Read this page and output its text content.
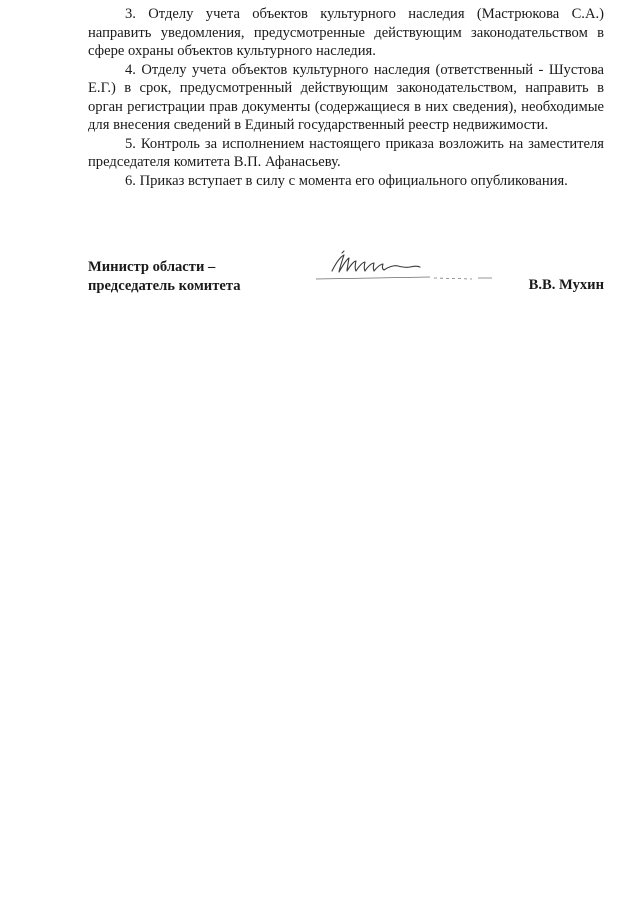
3. Отделу учета объектов культурного наследия (Мастрюкова С.А.) направить уведомления, предусмотренные действующим законодательством в сфере охраны объектов культурного наследия.

4. Отделу учета объектов культурного наследия (ответственный - Шустова Е.Г.) в срок, предусмотренный действующим законодательством, направить в орган регистрации прав документы (содержащиеся в них сведения), необходимые для внесения сведений в Единый государственный реестр недвижимости.

5. Контроль за исполнением настоящего приказа возложить на заместителя председателя комитета В.П. Афанасьеву.

6. Приказ вступает в силу с момента его официального опубликования.

Министр области –
председатель комитета	В.В. Мухин
